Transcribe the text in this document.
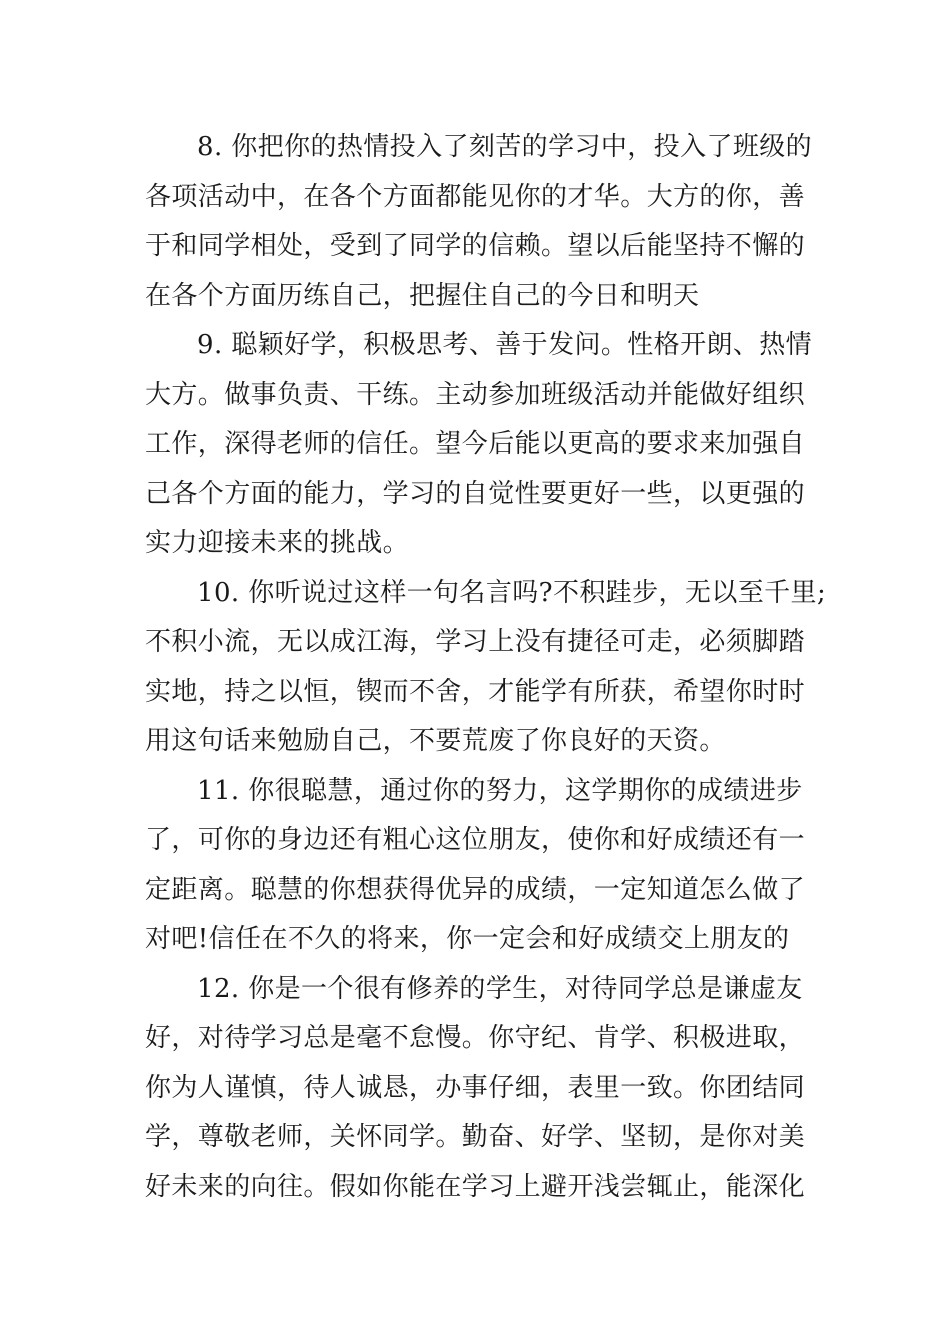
8. 你把你的热情投入了刻苦的学习中，投入了班级的
各项活动中，在各个方面都能见你的才华。大方的你，善
于和同学相处，受到了同学的信赖。望以后能坚持不懈的
在各个方面历练自己，把握住自己的今日和明天
9. 聪颖好学，积极思考、善于发问。性格开朗、热情
大方。做事负责、干练。主动参加班级活动并能做好组织
工作，深得老师的信任。望今后能以更高的要求来加强自
己各个方面的能力，学习的自觉性要更好一些，以更强的
实力迎接未来的挑战。
10. 你听说过这样一句名言吗?不积跬步，无以至千里;
不积小流，无以成江海，学习上没有捷径可走，必须脚踏
实地，持之以恒，锲而不舍，才能学有所获，希望你时时
用这句话来勉励自己，不要荒废了你良好的天资。
11. 你很聪慧，通过你的努力，这学期你的成绩进步
了，可你的身边还有粗心这位朋友，使你和好成绩还有一
定距离。聪慧的你想获得优异的成绩，一定知道怎么做了
对吧!信任在不久的将来，你一定会和好成绩交上朋友的
12. 你是一个很有修养的学生，对待同学总是谦虚友
好，对待学习总是毫不怠慢。你守纪、肯学、积极进取，
你为人谨慎，待人诚恳，办事仔细，表里一致。你团结同
学，尊敬老师，关怀同学。勤奋、好学、坚韧，是你对美
好未来的向往。假如你能在学习上避开浅尝辄止，能深化
